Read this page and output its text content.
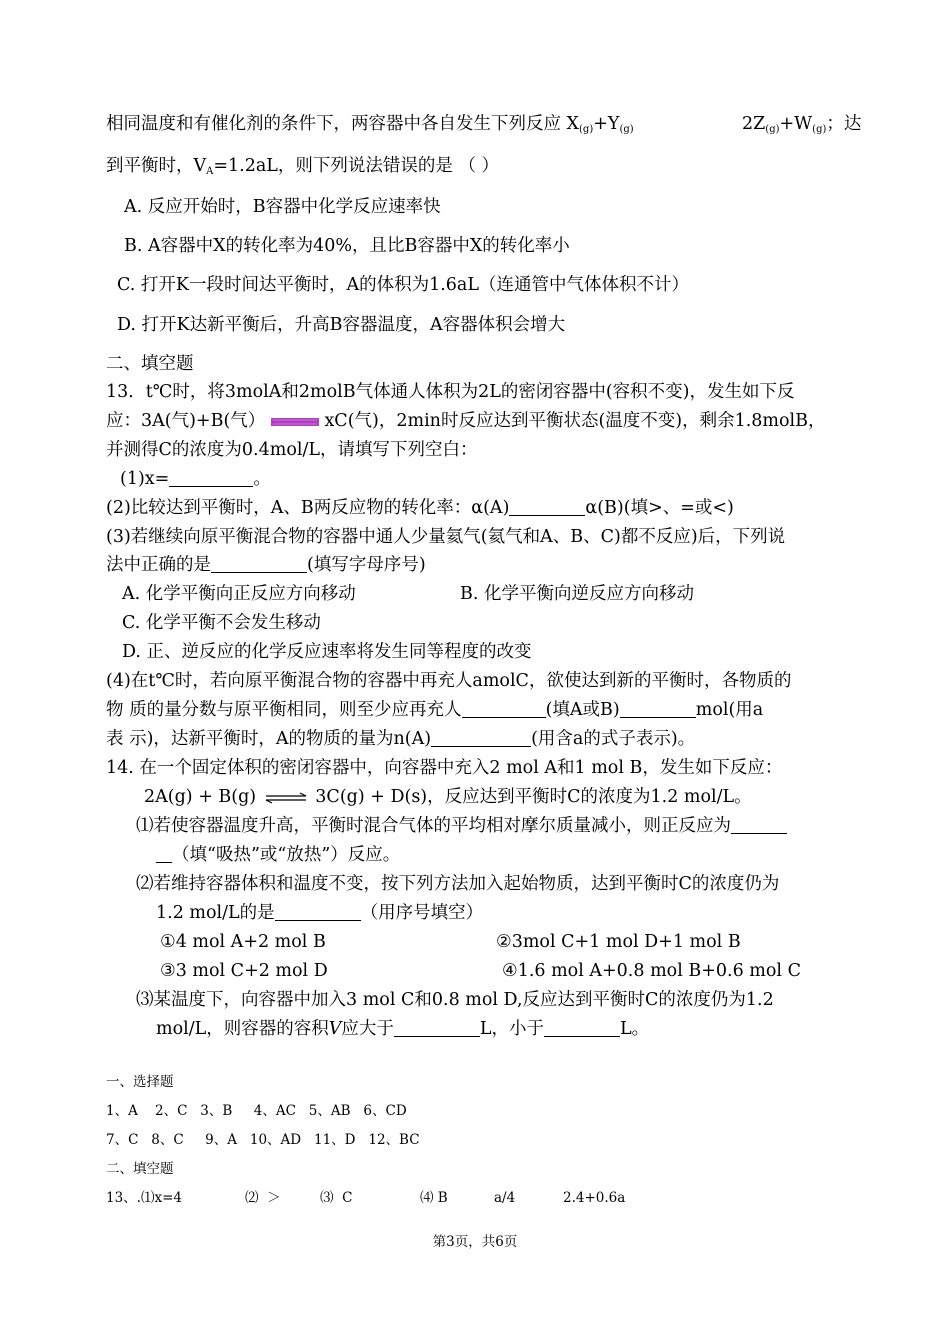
相同温度和有催化剂的条件下，两容器中各自发生下列反应 $X_{(g)}+Y_{(g)}$	$2Z_{(g)}+W_{(g)}$；达
到平衡时，$V_A=1.2aL$，则下列说法错误的是 （ ）
A. 反应开始时，B容器中化学反应速率快
B. A容器中X的转化率为40%，且比B容器中X的转化率小
C. 打开K一段时间达平衡时，A的体积为1.6aL（连通管中气体体积不计）
D. 打开K达新平衡后，升高B容器温度，A容器体积会增大
二、填空题
13．t℃时，将3molA和2molB气体通人体积为2L的密闭容器中(容积不变)，发生如下反
应：3A(气)+B(气）	xC(气)，2min时反应达到平衡状态(温度不变)，剩余1.8molB，
并测得C的浓度为0.4mol/L，请填写下列空白：
(1)x=	。
(2)比较达到平衡时，A、B两反应物的转化率：α(A)	α(B)(填>、=或<)
(3)若继续向原平衡混合物的容器中通人少量氦气(氦气和A、B、C)都不反应)后，下列说
法中正确的是	(填写字母序号)
A. 化学平衡向正反应方向移动	B. 化学平衡向逆反应方向移动
C. 化学平衡不会发生移动
D. 正、逆反应的化学反应速率将发生同等程度的改变
(4)在t℃时，若向原平衡混合物的容器中再充人amolC，欲使达到新的平衡时，各物质的
物 质的量分数与原平衡相同，则至少应再充人	(填A或B)	mol(用a
表 示)，达新平衡时，A的物质的量为n(A)	(用含a的式子表示)。
14. 在一个固定体积的密闭容器中，向容器中充入2 mol A和1 mol B，发生如下反应：
2A(g) + B(g) ⇌ 3C(g) + D(s)，反应达到平衡时C的浓度为1.2 mol/L。
⑴若使容器温度升高，平衡时混合气体的平均相对摩尔质量减小，则正反应为
（填“吸热”或“放热”）反应。
⑵若维持容器体积和温度不变，按下列方法加入起始物质，达到平衡时C的浓度仍为
1.2 mol/L的是	（用序号填空）
①4 mol A+2 mol B	②3mol C+1 mol D+1 mol B
③3 mol C+2 mol D	④1.6 mol A+0.8 mol B+0.6 mol C
⑶某温度下，向容器中加入3 mol C和0.8 mol D,反应达到平衡时C的浓度仍为1.2
mol/L，则容器的容积V应大于	L，小于	L。
一、选择题
1、A    2、C   3、B     4、AC   5、AB   6、CD
7、C   8、C     9、A   10、AD   11、D   12、BC
二、填空题
13、.⑴x=4	⑵  ＞	⑶  C	⑷ B	a/4	2.4+0.6a
第3页，共6页
